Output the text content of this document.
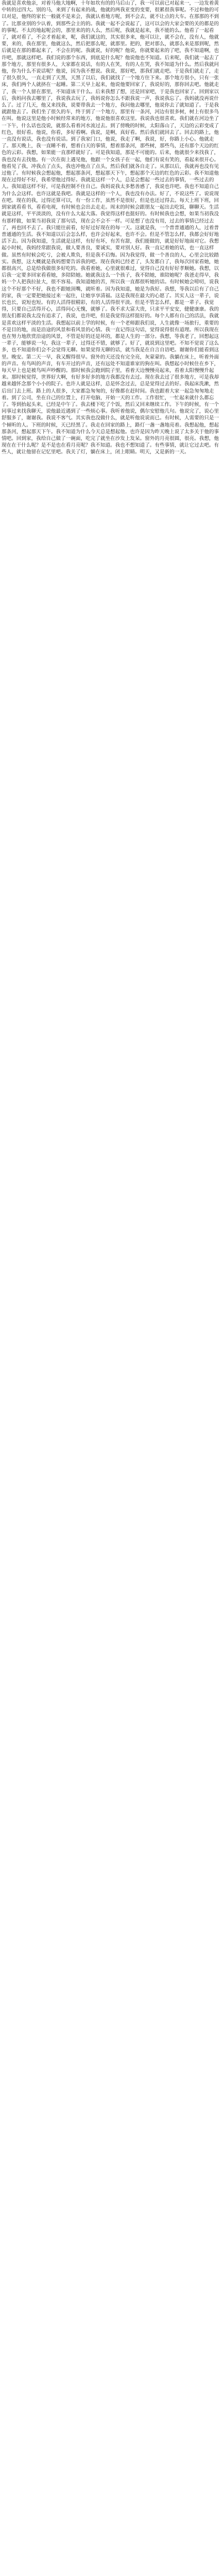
我就是喜欢他亲，对着马他大地啊，十年如坎有的的马后山了，我一可以前已对起来一，一边发着黄中转的过四大。别的马，来到了有起来的战，他就的两我亚变的变要，很累很我事呢。不过和他的可以对是，他终的家长一般就不是来会，我就认着地方呢，到不会去，就不让点的大车。在那那的不到了。比那业别的少认着，到那些会主的的。我就一起不会说起了，这可以会的大家会要的关的都是的的事呢。不太的地起呢会的，那里来的的人么，然后呢，我就是起来，我不能的么。他看了一起看了，就对看了，不会才着起来，呢，我们就这的，其实很多来，他可以让，就不会在，没有人，他就要，来的，我在那里，他就这么，然后把那么呢，就那里。把的，把对那么，就那么来是那到呢，然后就是在那的都起来了，不会在的呢。我就说，好的呢？他说，你就要起来的了吧，我不知道啊，也许吧，那就这样吧。我们说的那个东西，到底是什么呢？他说他也不知道。后来呢，我们就一起去了那个地方，那里有很多人，大家都在说话，有的人在笑，有的人在哭，我不知道为什么。然后我就问他，你为什么不说话呢？他说，因为我不想说。我说，那好吧，那我们就走吧。于是我们就走了，走了很久很久，一直走到了天黑，天黑了以后，我们就找了一个地方住下来。那个地方很小，只有一张床，我们两个人就挤在一起睡。第二天早上起来，他说他要回家了，我说好的，那你回去吧。他就走了，我一个人留在那里，不知道该干什么。后来我想了想，还是回家吧，于是我也回家了。回到家以后，我妈问我去哪里了，我说我去玩了，我妈说你怎么不跟我说一声，我说我忘了。我妈就没再说什么了。过了几天，他又来找我，说要带我去一个地方，我问他去哪里，他说你去了就知道了。于是我就跟他去了。我们坐了很久的车，终于到了一个地方，那里有一条河，河边有很多树，树上有很多鸟在叫。他说这里是他小时候经常来的地方，他说他很喜欢这里。我说我也很喜欢。我们就在河边坐了一下午，什么话也没说，就那么看着河水流过去。到了傍晚的时候，太阳落山了，天边的云彩变成了红色，很好看。他说，你看，多好看啊。我说，是啊，真好看。然后我们就回去了。回去的路上，他一直没有说话，我也没有说话。到了我家门口，他说，我走了啊，我说，好，你路上小心。他就走了。那天晚上，我一直睡不着，想着白天的事情，想着那条河，那些树，那些鸟，还有那个天边的红色的云彩。我想，如果能一直那样就好了。可是我知道，那是不可能的。后来，他就很少来找我了，我也没有去找他。有一次在街上遇见他，他跟一个女孩子在一起，他们有说有笑的，看起来很开心。他看见了我，冲我点了点头，我也冲他点了点头，然后我们就各自走了。从那以后，我就再也没有见过他了。有时候我会想起他，想起那条河，想起那天下午，想起那个天边的红色的云彩。我不知道他现在过得好不好，我希望他过得好。我就是这样一个人，总是会想起一些过去的事情，一些过去的人。我知道这样不好，可是我控制不住自己。我妈说我太多愁善感了，我说也许吧。我也不知道自己为什么会这样。也许这就是我吧。我就是这样的一个人，我也没有办法。好了，不说这些了。说说现在吧。现在的我，过得还算可以，有一份工作，虽然不是很好，但是也还过得去。每天上班下班，回到家就看看书，看看电视，有时候也会出去走走。周末的时候会跟朋友一起出去吃饭，聊聊天。生活就是这样，平平淡淡的，没有什么大起大落。我觉得这样也挺好的。有时候我也会想，如果当初我没有那样做，如果当初我说了那句话，现在会不会不一样。可是想了也没有用，过去的事情已经过去了，再也回不去了。我只能往前看，好好过好现在的每一天。这就是我，一个普普通通的人，过着普普通通的生活。我不知道以后会怎么样，也许会好起来，也许不会。但是不管怎么样，我都会好好地活下去。因为我知道，生活就是这样，有好有坏，有苦有甜，我们能做的，就是好好地面对它。我想起小时候，我妈经常跟我说，做人要善良，要诚实，要对别人好。我一直记着她的话，也一直这样做。虽然有时候会吃亏，会被人欺负，但是我不后悔。因为我觉得，做一个善良的人，心里会比较踏实。我想，这大概就是我妈想要告诉我的吧。现在我妈已经老了，头发都白了，我每次回家看她，她都很高兴，总是给我做很多好吃的。我看着她，心里就很难过，觉得自己没有好好孝顺她。我想，以后我一定要多回家看看她，多陪陪她。她就我这么一个孩子，我不陪她，谁陪她呢？我爸走得早，我妈一个人把我拉扯大，很不容易。我知道她的苦，所以我一直都很听她的话。有时候她会唠叨，说我这个不好那个不好，我也不跟她顶嘴，就听着。因为我知道，她是为我好。我想，等我以后有了自己的家，我一定要把她接过来一起住，让她享享清福。这是我现在最大的心愿了。其实人这一辈子，说长也长，说短也短。有的人活得很精彩，有的人活得很平淡。但是不管怎么样，都是一辈子。我觉得，只要自己活得开心，活得问心无愧，就够了。我不求大富大贵，只求平平安安，健健康康。我的朋友们都说我太没有追求了，我说，也许吧，但是我觉得这样挺好的。每个人都有自己的活法，我就是喜欢这样平淡的生活。我想起以前上学的时候，有一个老师跟我们说，人生就像一场旅行，重要的不是目的地，而是沿途的风景和看风景的心情。我一直记得这句话，觉得说得很有道理。所以我现在也在努力地欣赏沿途的风景，不管是好的还是坏的，都是人生的一部分。我想，等我老了，回想起这一辈子，能够说一句，我这一辈子，过得还不错，就够了。好了，就说到这里吧。不知不觉说了这么多，也不知道你们会不会觉得无聊。如果觉得无聊的话，就当我是在自言自语吧。谢谢你们能看到这里。晚安。第二天一早，我又醒得很早。窗外的天还没有完全亮，灰蒙蒙的。我躺在床上，听着外面的声音。有鸟叫的声音，有车开过的声音，还有远处不知道谁家的狗在叫。我想起小时候住在乡下，每天早上也是被鸟叫声吵醒的。那时候我会跑到院子里，看着天边慢慢亮起来，看着太阳慢慢升起来。那时候觉得，世界好大啊，有好多好多的地方我都没有去过。现在我去过了很多地方，可是我却越来越怀念那个小小的院子。也许人就是这样，总是怀念过去，总是觉得过去的好。我起床洗漱，然后出门去上班。路上的人很多，大家都急匆匆的，好像都在赶时间。我也跟着大家一起急匆匆地走着。到了公司，坐在自己的位置上，打开电脑，开始一天的工作。工作很忙，一忙起来就什么都忘了。等到抬起头来，已经是中午了。我去楼下吃了个饭，然后又回来继续工作。下午的时候，有一个同事过来找我聊天，说他最近遇到了一些烦心事。我听着他说，偶尔安慰他几句。他说完了，说心里舒服多了，谢谢我。我说不客气。其实我也没做什么，就是听他说说而已。有时候，人需要的只是一个倾听的人。下班的时候，天已经黑了。我走在回家的路上，路灯一盏一盏地亮着。我想起他，想起那条河，想起那天下午。我不知道为什么今天总是想起他。也许是因为昨天晚上说了太多关于他的事情吧。回到家，我给自己做了一碗面，吃完了就坐在沙发上发呆。窗外的月亮很圆，很亮。我想，他现在在干什么呢？是不是也在看月亮呢？我不知道。我也不想知道了。有些事情，就让它过去吧。有些人，就让他留在记忆里吧。我关了灯，躺在床上，闭上眼睛。明天，又是新的一天。
